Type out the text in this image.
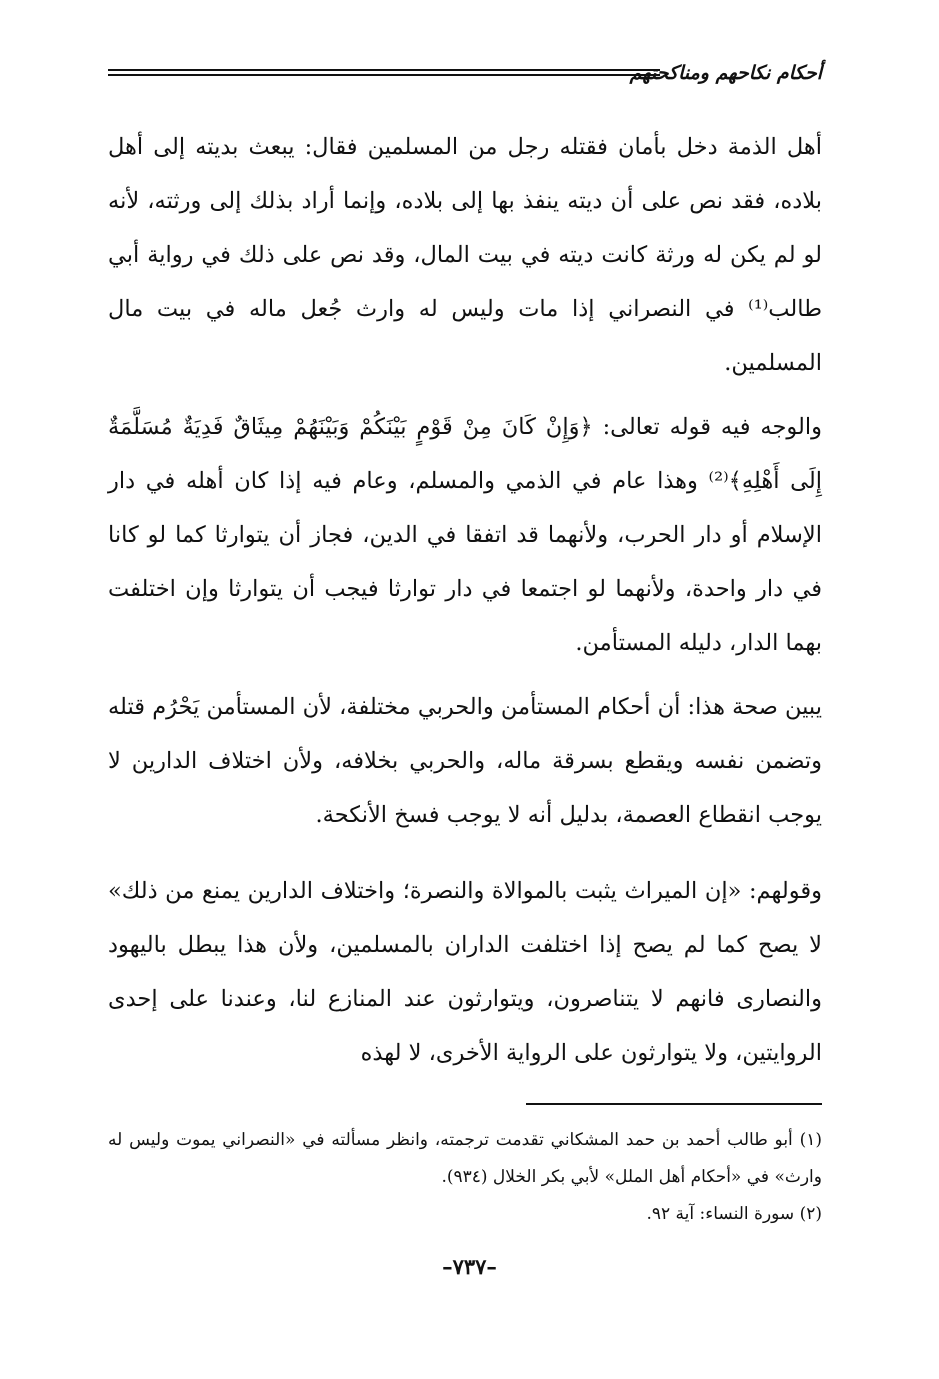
أحكام نكاحهم ومناكحتهم

أهل الذمة دخل بأمان فقتله رجل من المسلمين فقال: يبعث بديته إلى أهل بلاده، فقد نص على أن ديته ينفذ بها إلى بلاده، وإنما أراد بذلك إلى ورثته، لأنه لو لم يكن له ورثة كانت ديته في بيت المال، وقد نص على ذلك في رواية أبي طالب⁽¹⁾ في النصراني إذا مات وليس له وارث جُعل ماله في بيت مال المسلمين.

والوجه فيه قوله تعالى: ﴿وَإِنْ كَانَ مِنْ قَوْمٍ بَيْنَكُمْ وَبَيْنَهُمْ مِيثَاقٌ فَدِيَةٌ مُسَلَّمَةٌ إِلَى أَهْلِهِ﴾⁽²⁾ وهذا عام في الذمي والمسلم، وعام فيه إذا كان أهله في دار الإسلام أو دار الحرب، ولأنهما قد اتفقا في الدين، فجاز أن يتوارثا كما لو كانا في دار واحدة، ولأنهما لو اجتمعا في دار توارثا فيجب أن يتوارثا وإن اختلفت بهما الدار، دليله المستأمن.

يبين صحة هذا: أن أحكام المستأمن والحربي مختلفة، لأن المستأمن يَحْرُم قتله وتضمن نفسه ويقطع بسرقة ماله، والحربي بخلافه، ولأن اختلاف الدارين لا يوجب انقطاع العصمة، بدليل أنه لا يوجب فسخ الأنكحة.

وقولهم: «إن الميراث يثبت بالموالاة والنصرة؛ واختلاف الدارين يمنع من ذلك» لا يصح كما لم يصح إذا اختلفت الداران بالمسلمين، ولأن هذا يبطل باليهود والنصارى فانهم لا يتناصرون، ويتوارثون عند المنازع لنا، وعندنا على إحدى الروايتين، ولا يتوارثون على الرواية الأخرى، لا لهذه

(١) أبو طالب أحمد بن حمد المشكاني تقدمت ترجمته، وانظر مسألته في «النصراني يموت وليس له وارث» في «أحكام أهل الملل» لأبي بكر الخلال (٩٣٤).

(٢) سورة النساء: آية ٩٢.

–٧٣٧–
